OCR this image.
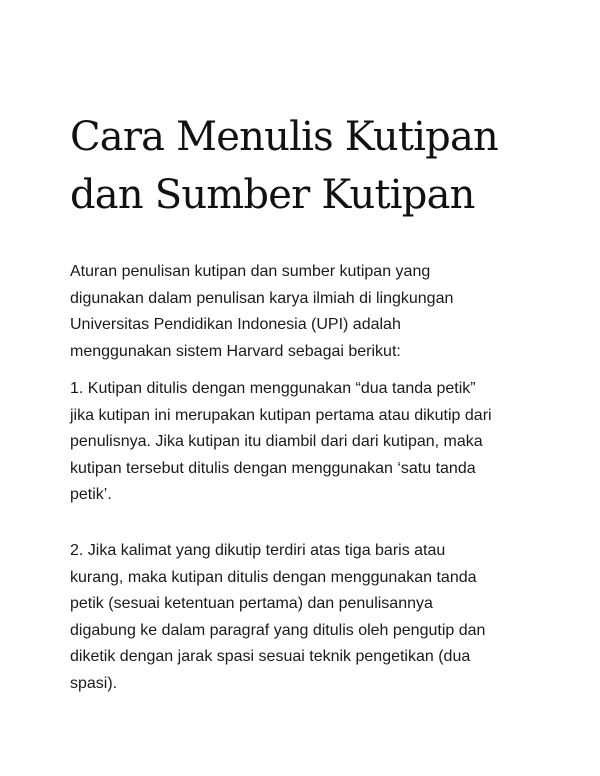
Cara Menulis Kutipan
dan Sumber Kutipan

Aturan penulisan kutipan dan sumber kutipan yang
digunakan dalam penulisan karya ilmiah di lingkungan
Universitas Pendidikan Indonesia (UPI) adalah
menggunakan sistem Harvard sebagai berikut:

1. Kutipan ditulis dengan menggunakan “dua tanda petik”
jika kutipan ini merupakan kutipan pertama atau dikutip dari
penulisnya. Jika kutipan itu diambil dari dari kutipan, maka
kutipan tersebut ditulis dengan menggunakan ‘satu tanda
petik’.

2. Jika kalimat yang dikutip terdiri atas tiga baris atau
kurang, maka kutipan ditulis dengan menggunakan tanda
petik (sesuai ketentuan pertama) dan penulisannya
digabung ke dalam paragraf yang ditulis oleh pengutip dan
diketik dengan jarak spasi sesuai teknik pengetikan (dua
spasi).
